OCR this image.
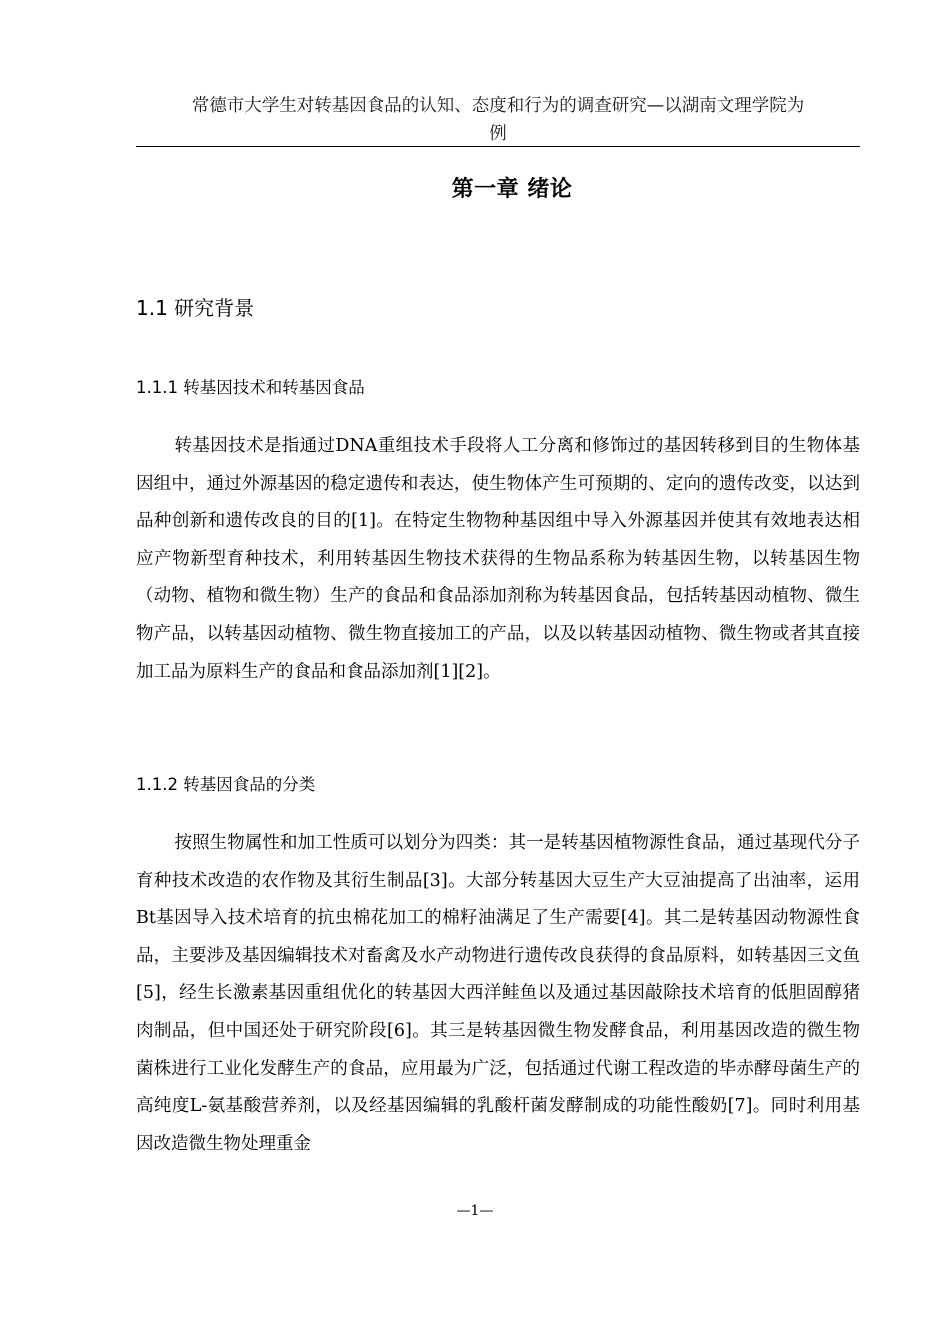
常德市大学生对转基因食品的认知、态度和行为的调查研究—以湖南文理学院为
例
第一章 绪论
1.1 研究背景
1.1.1 转基因技术和转基因食品

转基因技术是指通过DNA重组技术手段将人工分离和修饰过的基因转移到目的生物体基因组中，通过外源基因的稳定遗传和表达，使生物体产生可预期的、定向的遗传改变，以达到品种创新和遗传改良的目的[1]。在特定生物物种基因组中导入外源基因并使其有效地表达相应产物新型育种技术，利用转基因生物技术获得的生物品系称为转基因生物，以转基因生物（动物、植物和微生物）生产的食品和食品添加剂称为转基因食品，包括转基因动植物、微生物产品，以转基因动植物、微生物直接加工的产品，以及以转基因动植物、微生物或者其直接加工品为原料生产的食品和食品添加剂[1][2]。

1.1.2 转基因食品的分类

按照生物属性和加工性质可以划分为四类：其一是转基因植物源性食品，通过基现代分子育种技术改造的农作物及其衍生制品[3]。大部分转基因大豆生产大豆油提高了出油率，运用Bt基因导入技术培育的抗虫棉花加工的棉籽油满足了生产需要[4]。其二是转基因动物源性食品，主要涉及基因编辑技术对畜禽及水产动物进行遗传改良获得的食品原料，如转基因三文鱼[5]，经生长激素基因重组优化的转基因大西洋鲑鱼以及通过基因敲除技术培育的低胆固醇猪肉制品，但中国还处于研究阶段[6]。其三是转基因微生物发酵食品，利用基因改造的微生物菌株进行工业化发酵生产的食品，应用最为广泛，包括通过代谢工程改造的毕赤酵母菌生产的高纯度L-氨基酸营养剂，以及经基因编辑的乳酸杆菌发酵制成的功能性酸奶[7]。同时利用基因改造微生物处理重金

—1—
